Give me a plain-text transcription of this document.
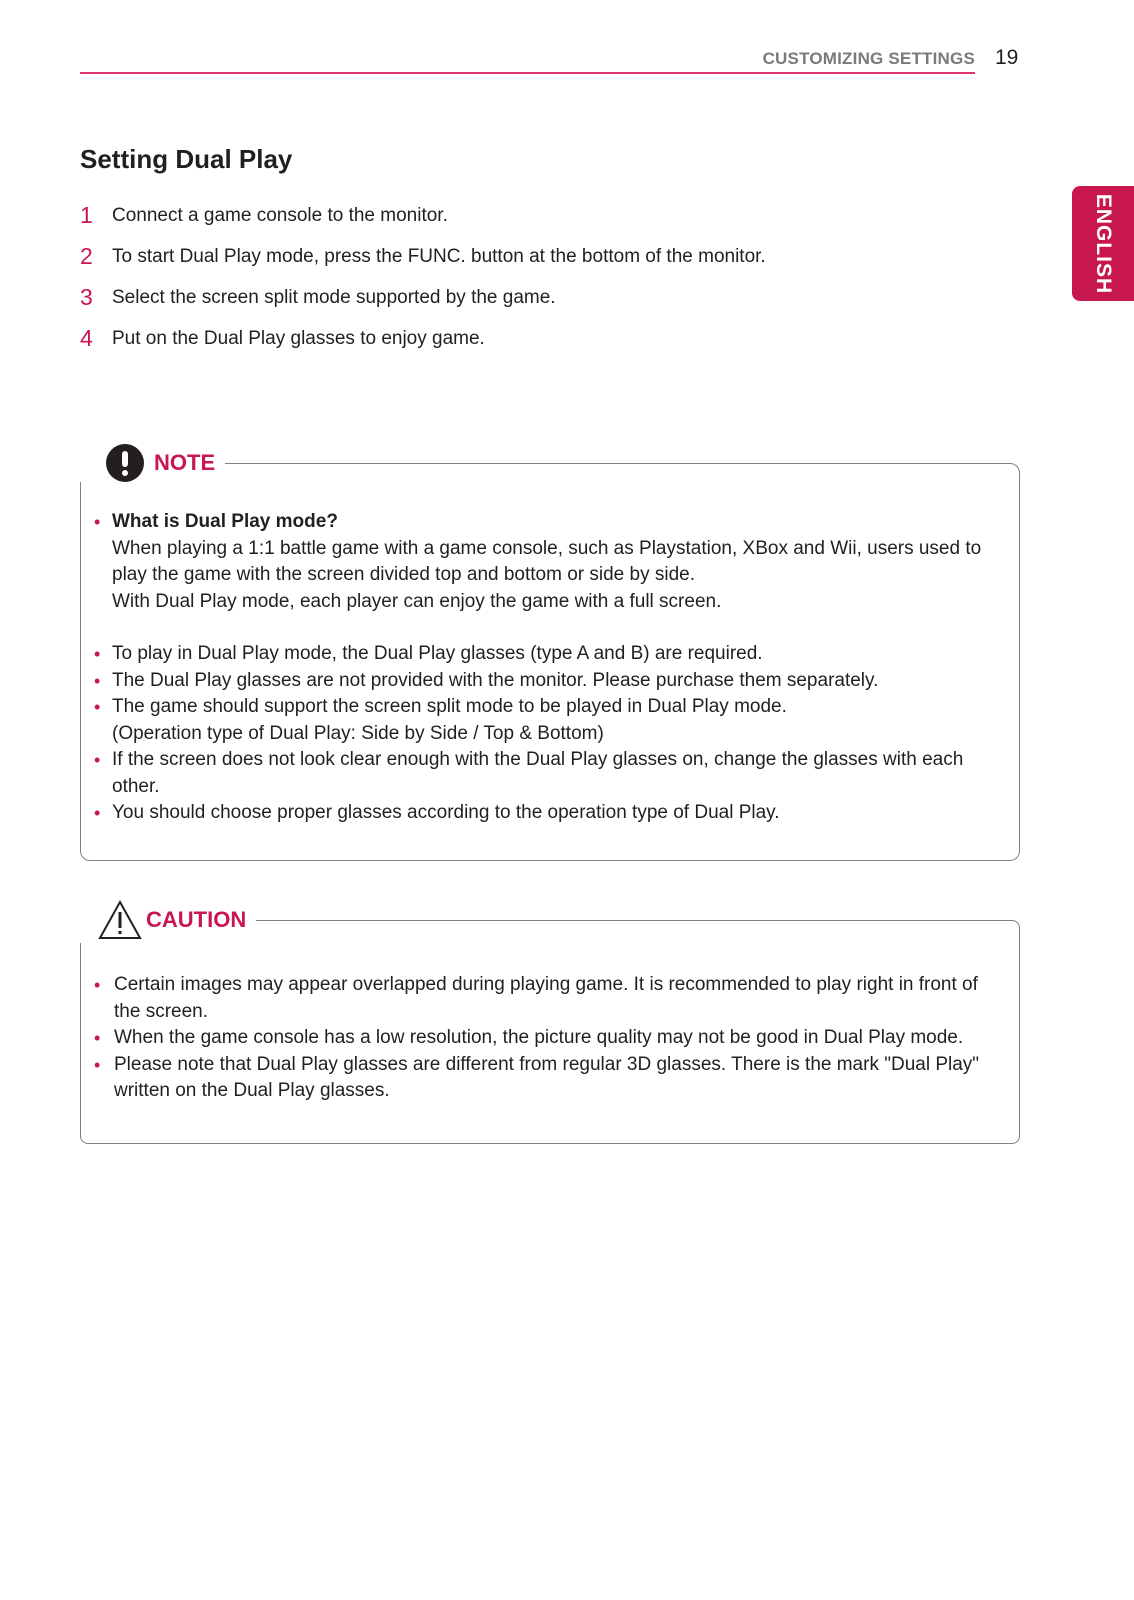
CUSTOMIZING SETTINGS 19
ENGLISH
Setting Dual Play
1 Connect a game console to the monitor.
2 To start Dual Play mode, press the FUNC. button at the bottom of the monitor.
3 Select the screen split mode supported by the game.
4 Put on the Dual Play glasses to enjoy game.
NOTE
• What is Dual Play mode?
When playing a 1:1 battle game with a game console, such as Playstation, XBox and Wii, users used to play the game with the screen divided top and bottom or side by side.
With Dual Play mode, each player can enjoy the game with a full screen.
• To play in Dual Play mode, the Dual Play glasses (type A and B) are required.
• The Dual Play glasses are not provided with the monitor. Please purchase them separately.
• The game should support the screen split mode to be played in Dual Play mode.
(Operation type of Dual Play: Side by Side / Top & Bottom)
• If the screen does not look clear enough with the Dual Play glasses on, change the glasses with each other.
• You should choose proper glasses according to the operation type of Dual Play.
CAUTION
• Certain images may appear overlapped during playing game. It is recommended to play right in front of the screen.
• When the game console has a low resolution, the picture quality may not be good in Dual Play mode.
• Please note that Dual Play glasses are different from regular 3D glasses. There is the mark "Dual Play" written on the Dual Play glasses.
